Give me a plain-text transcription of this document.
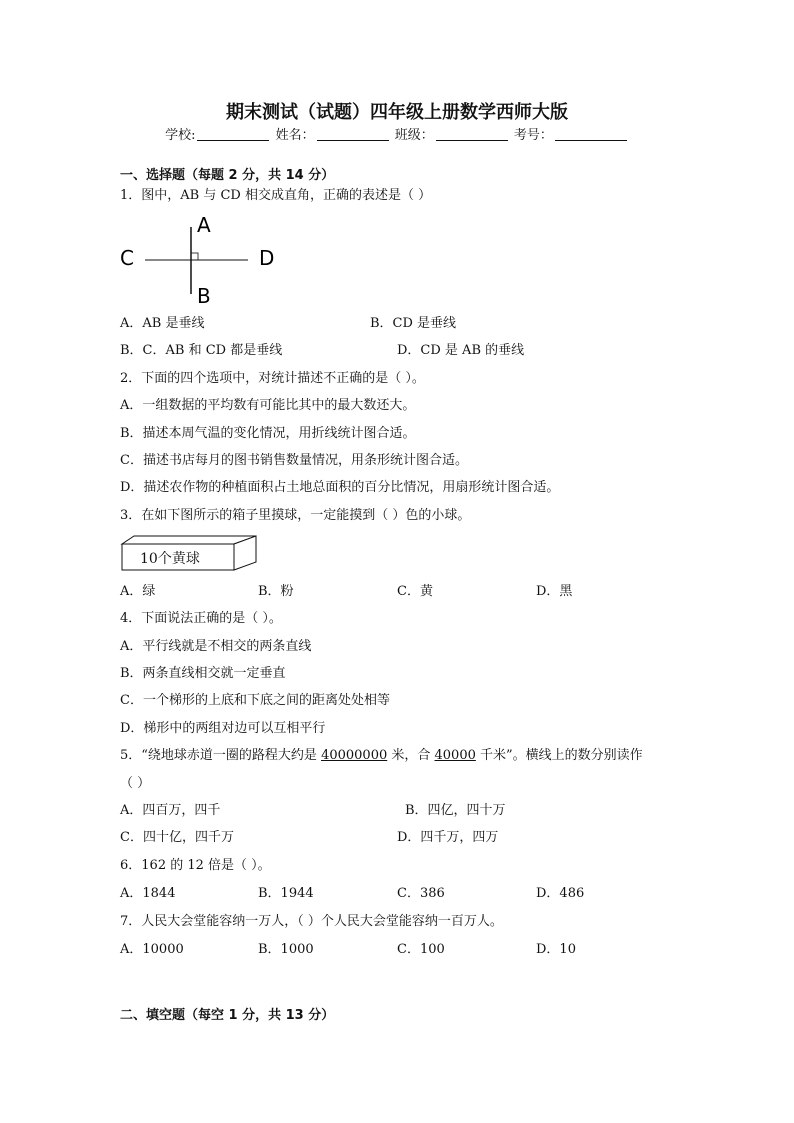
期末测试（试题）四年级上册数学西师大版
学校:	姓名：	班级：	考号：
一、选择题（每题 2 分，共 14 分）
1．图中，AB 与 CD 相交成直角，正确的表述是（ ）
A
B
C	D
A．AB 是垂线	B．CD 是垂线
B．C．AB 和 CD 都是垂线	D．CD 是 AB 的垂线
2．下面的四个选项中，对统计描述不正确的是（ ）。
A．一组数据的平均数有可能比其中的最大数还大。
B．描述本周气温的变化情况，用折线统计图合适。
C．描述书店每月的图书销售数量情况，用条形统计图合适。
D．描述农作物的种植面积占土地总面积的百分比情况，用扇形统计图合适。
3．在如下图所示的箱子里摸球，一定能摸到（ ）色的小球。
10个黄球
A．绿	B．粉	C．黄	D．黑
4．下面说法正确的是（ ）。
A．平行线就是不相交的两条直线
B．两条直线相交就一定垂直
C．一个梯形的上底和下底之间的距离处处相等
D．梯形中的两组对边可以互相平行
5．“绕地球赤道一圈的路程大约是 40000000 米，合 40000 千米”。横线上的数分别读作
（ ）
A．四百万，四千	B．四亿，四十万
C．四十亿，四千万	D．四千万，四万
6．162 的 12 倍是（ ）。
A．1844	B．1944	C．386	D．486
7．人民大会堂能容纳一万人，（ ）个人民大会堂能容纳一百万人。
A．10000	B．1000	C．100	D．10
二、填空题（每空 1 分，共 13 分）
